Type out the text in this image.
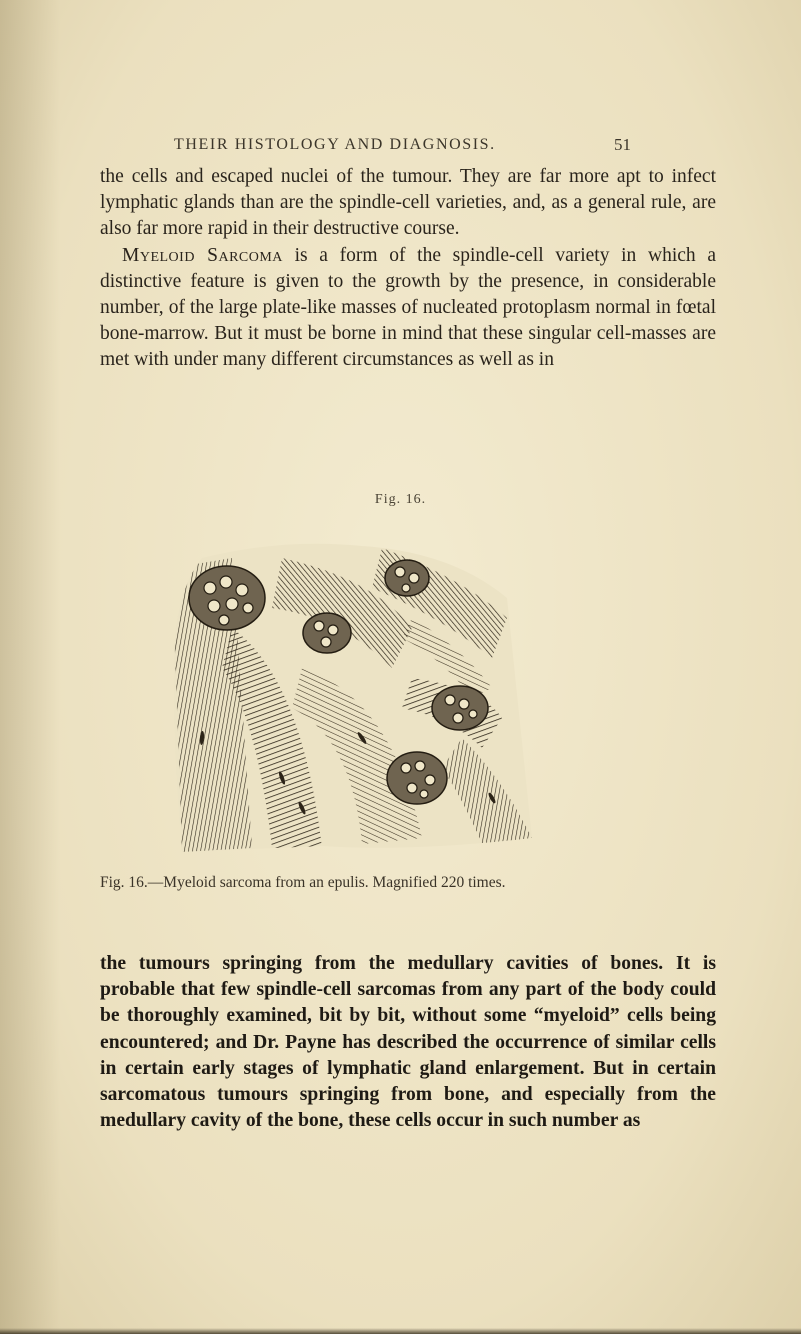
THEIR HISTOLOGY AND DIAGNOSIS.	51

the cells and escaped nuclei of the tumour. They are far more apt to infect lymphatic glands than are the spindle-cell varieties, and, as a general rule, are also far more rapid in their destructive course.

Myeloid Sarcoma is a form of the spindle-cell variety in which a distinctive feature is given to the growth by the presence, in considerable number, of the large plate-like masses of nucleated protoplasm normal in fœtal bone-marrow. But it must be borne in mind that these singular cell-masses are met with under many different circumstances as well as in

Fig. 16.
Fig. 16.—Myeloid sarcoma from an epulis. Magnified 220 times.

the tumours springing from the medullary cavities of bones. It is probable that few spindle-cell sarcomas from any part of the body could be thoroughly examined, bit by bit, without some “myeloid” cells being encountered; and Dr. Payne has described the occurrence of similar cells in certain early stages of lymphatic gland enlargement. But in certain sarcomatous tumours springing from bone, and especially from the medullary cavity of the bone, these cells occur in such number as
